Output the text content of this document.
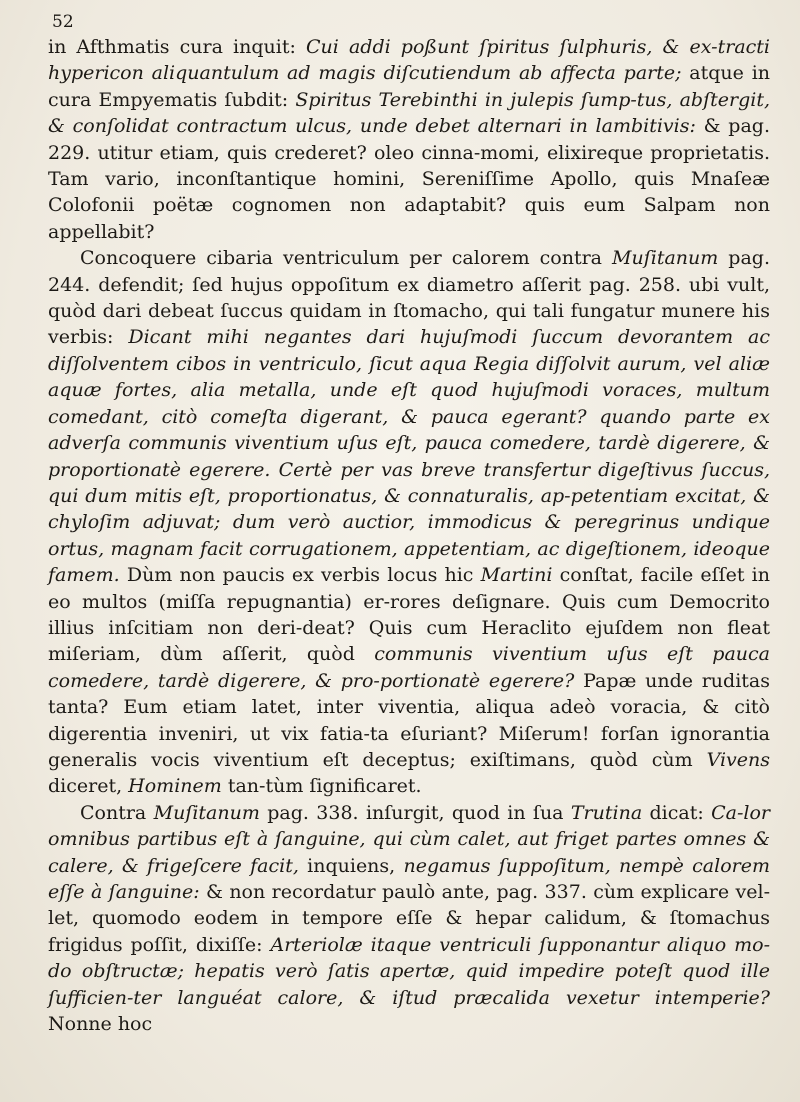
52

in Afthmatis cura inquit: Cui addi poßunt ſpiritus ſulphuris, & ex-tracti hypericon aliquantulum ad magis diſcutiendum ab affecta parte; atque in cura Empyematis ſubdit: Spiritus Terebinthi in julepis ſump-tus, abſtergit, & conſolidat contractum ulcus, unde debet alternari in lambitivis: & pag. 229. utitur etiam, quis crederet? oleo cinna-momi, elixireque proprietatis. Tam vario, inconſtantique homini, Sereniſſime Apollo, quis Mnaſeæ Colofonii poëtæ cognomen non adaptabit? quis eum Salpam non appellabit?

Concoquere cibaria ventriculum per calorem contra Muſitanum pag. 244. defendit; ſed hujus oppoſitum ex diametro aſſerit pag. 258. ubi vult, quòd dari debeat ſuccus quidam in ſtomacho, qui tali fungatur munere his verbis: Dicant mihi negantes dari hujuſmodi ſuccum devorantem ac diſſolventem cibos in ventriculo, ſicut aqua Regia diſſolvit aurum, vel aliæ aquæ fortes, alia metalla, unde eſt quod hujuſmodi voraces, multum comedant, citò comeſta digerant, & pauca egerant? quando parte ex adverſa communis viventium uſus eſt, pauca comedere, tardè digerere, & proportionatè egerere. Certè per vas breve transfertur digeſtivus ſuccus, qui dum mitis eſt, proportionatus, & connaturalis, ap-petentiam excitat, & chyloſim adjuvat; dum verò auctior, immodicus & peregrinus undique ortus, magnam facit corrugationem, appetentiam, ac digeſtionem, ideoque famem. Dùm non paucis ex verbis locus hic Martini conſtat, facile eſſet in eo multos (miſſa repugnantia) er-rores deſignare. Quis cum Democrito illius inſcitiam non deri-deat? Quis cum Heraclito ejuſdem non fleat miſeriam, dùm aſſerit, quòd communis viventium uſus eſt pauca comedere, tardè digerere, & pro-portionatè egerere? Papæ unde ruditas tanta? Eum etiam latet, inter viventia, aliqua adeò voracia, & citò digerentia inveniri, ut vix fatia-ta eſuriant? Miſerum! forſan ignorantia generalis vocis viventium eſt deceptus; exiſtimans, quòd cùm Vivens diceret, Hominem tan-tùm ſignificaret.

Contra Muſitanum pag. 338. inſurgit, quod in ſua Trutina dicat: Ca-lor omnibus partibus eſt à ſanguine, qui cùm calet, aut friget partes omnes & calere, & frigeſcere facit, inquiens, negamus ſuppoſitum, nempè calorem eſſe à ſanguine: & non recordatur paulò ante, pag. 337. cùm explicare vel-let, quomodo eodem in tempore eſſe & hepar calidum, & ſtomachus frigidus poſſit, dixiſſe: Arteriolæ itaque ventriculi ſupponantur aliquo mo-do obſtructæ; hepatis verò ſatis apertæ, quid impedire poteſt quod ille ſufficien-ter languéat calore, & iſtud præcalida vexetur intemperie? Nonne hoc
